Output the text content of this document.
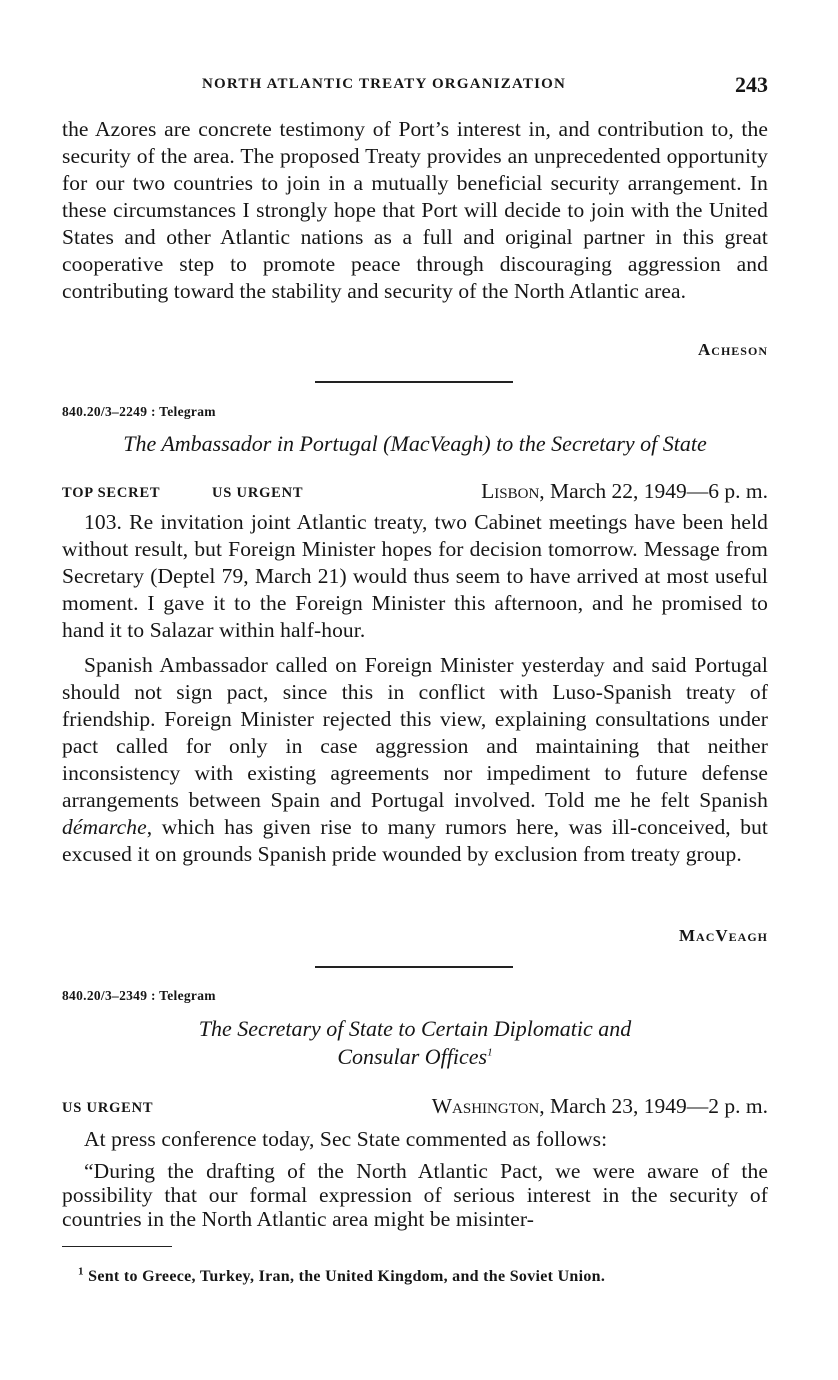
NORTH ATLANTIC TREATY ORGANIZATION	243

the Azores are concrete testimony of Port’s interest in, and contribution to, the security of the area. The proposed Treaty provides an unprecedented opportunity for our two countries to join in a mutually beneficial security arrangement. In these circumstances I strongly hope that Port will decide to join with the United States and other Atlantic nations as a full and original partner in this great cooperative step to promote peace through discouraging aggression and contributing toward the stability and security of the North Atlantic area.

Acheson
840.20/3–2249 : Telegram
The Ambassador in Portugal (MacVeagh) to the Secretary of State
TOP SECRET	US URGENT	Lisbon, March 22, 1949—6 p. m.

103. Re invitation joint Atlantic treaty, two Cabinet meetings have been held without result, but Foreign Minister hopes for decision tomorrow. Message from Secretary (Deptel 79, March 21) would thus seem to have arrived at most useful moment. I gave it to the Foreign Minister this afternoon, and he promised to hand it to Salazar within half-hour.

Spanish Ambassador called on Foreign Minister yesterday and said Portugal should not sign pact, since this in conflict with Luso-Spanish treaty of friendship. Foreign Minister rejected this view, explaining consultations under pact called for only in case aggression and maintaining that neither inconsistency with existing agreements nor impediment to future defense arrangements between Spain and Portugal involved. Told me he felt Spanish démarche, which has given rise to many rumors here, was ill-conceived, but excused it on grounds Spanish pride wounded by exclusion from treaty group.

MacVeagh
840.20/3–2349 : Telegram
The Secretary of State to Certain Diplomatic and
Consular Offices$^1$
US URGENT	Washington, March 23, 1949—2 p. m.

At press conference today, Sec State commented as follows:

“During the drafting of the North Atlantic Pact, we were aware of the possibility that our formal expression of serious interest in the security of countries in the North Atlantic area might be misinter-

$^1$ Sent to Greece, Turkey, Iran, the United Kingdom, and the Soviet Union.
